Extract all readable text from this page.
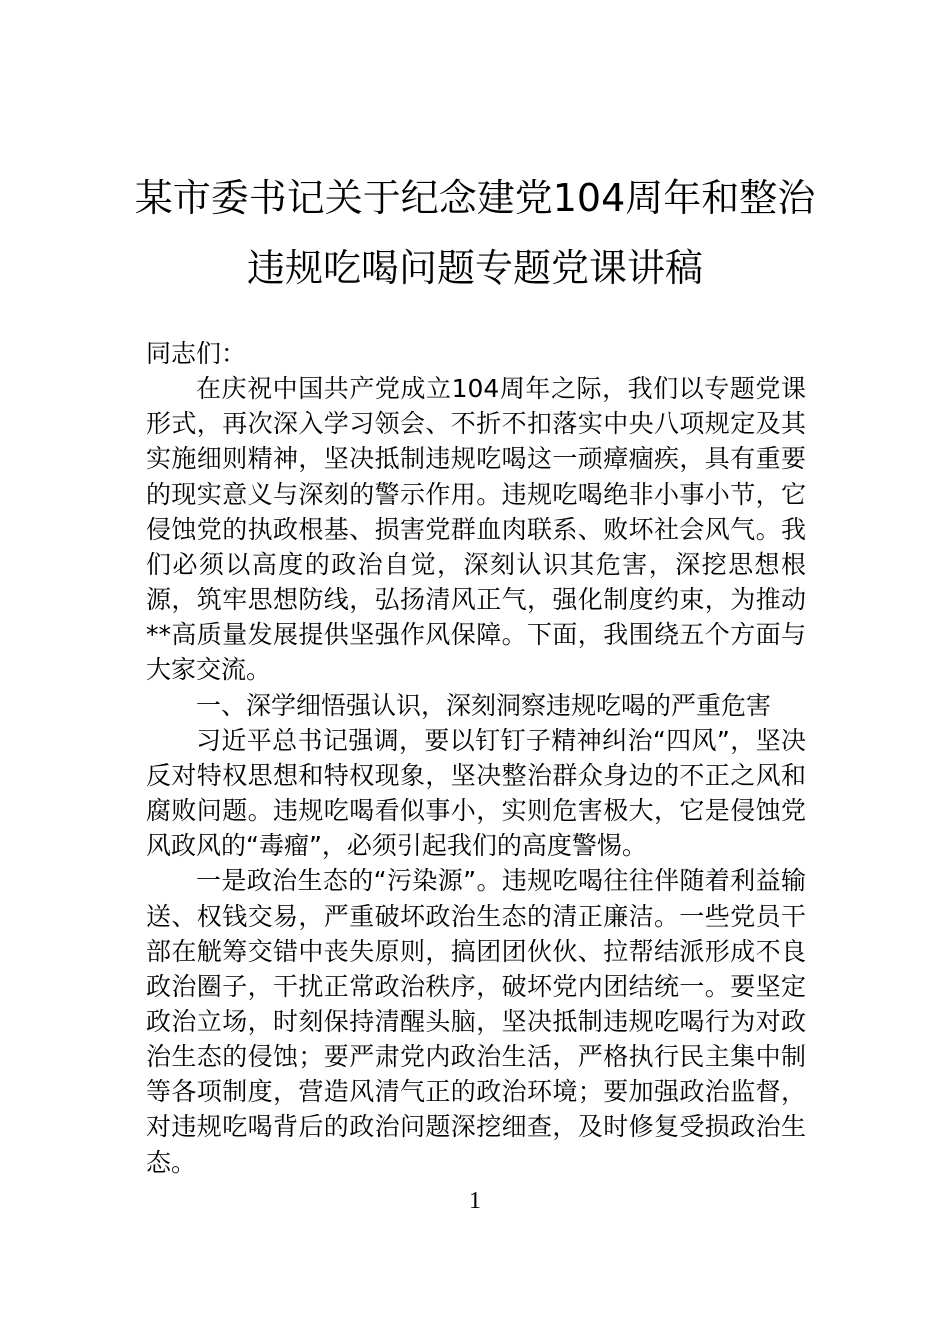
某市委书记关于纪念建党104周年和整治
违规吃喝问题专题党课讲稿

同志们：

在庆祝中国共产党成立104周年之际，我们以专题党课形式，再次深入学习领会、不折不扣落实中央八项规定及其实施细则精神，坚决抵制违规吃喝这一顽瘴痼疾，具有重要的现实意义与深刻的警示作用。违规吃喝绝非小事小节，它侵蚀党的执政根基、损害党群血肉联系、败坏社会风气。我们必须以高度的政治自觉，深刻认识其危害，深挖思想根源，筑牢思想防线，弘扬清风正气，强化制度约束，为推动**高质量发展提供坚强作风保障。下面，我围绕五个方面与大家交流。

一、深学细悟强认识，深刻洞察违规吃喝的严重危害

习近平总书记强调，要以钉钉子精神纠治“四风”，坚决反对特权思想和特权现象，坚决整治群众身边的不正之风和腐败问题。违规吃喝看似事小，实则危害极大，它是侵蚀党风政风的“毒瘤”，必须引起我们的高度警惕。

一是政治生态的“污染源”。违规吃喝往往伴随着利益输送、权钱交易，严重破坏政治生态的清正廉洁。一些党员干部在觥筹交错中丧失原则，搞团团伙伙、拉帮结派形成不良政治圈子，干扰正常政治秩序，破坏党内团结统一。要坚定政治立场，时刻保持清醒头脑，坚决抵制违规吃喝行为对政治生态的侵蚀；要严肃党内政治生活，严格执行民主集中制等各项制度，营造风清气正的政治环境；要加强政治监督，对违规吃喝背后的政治问题深挖细查，及时修复受损政治生态。

1
